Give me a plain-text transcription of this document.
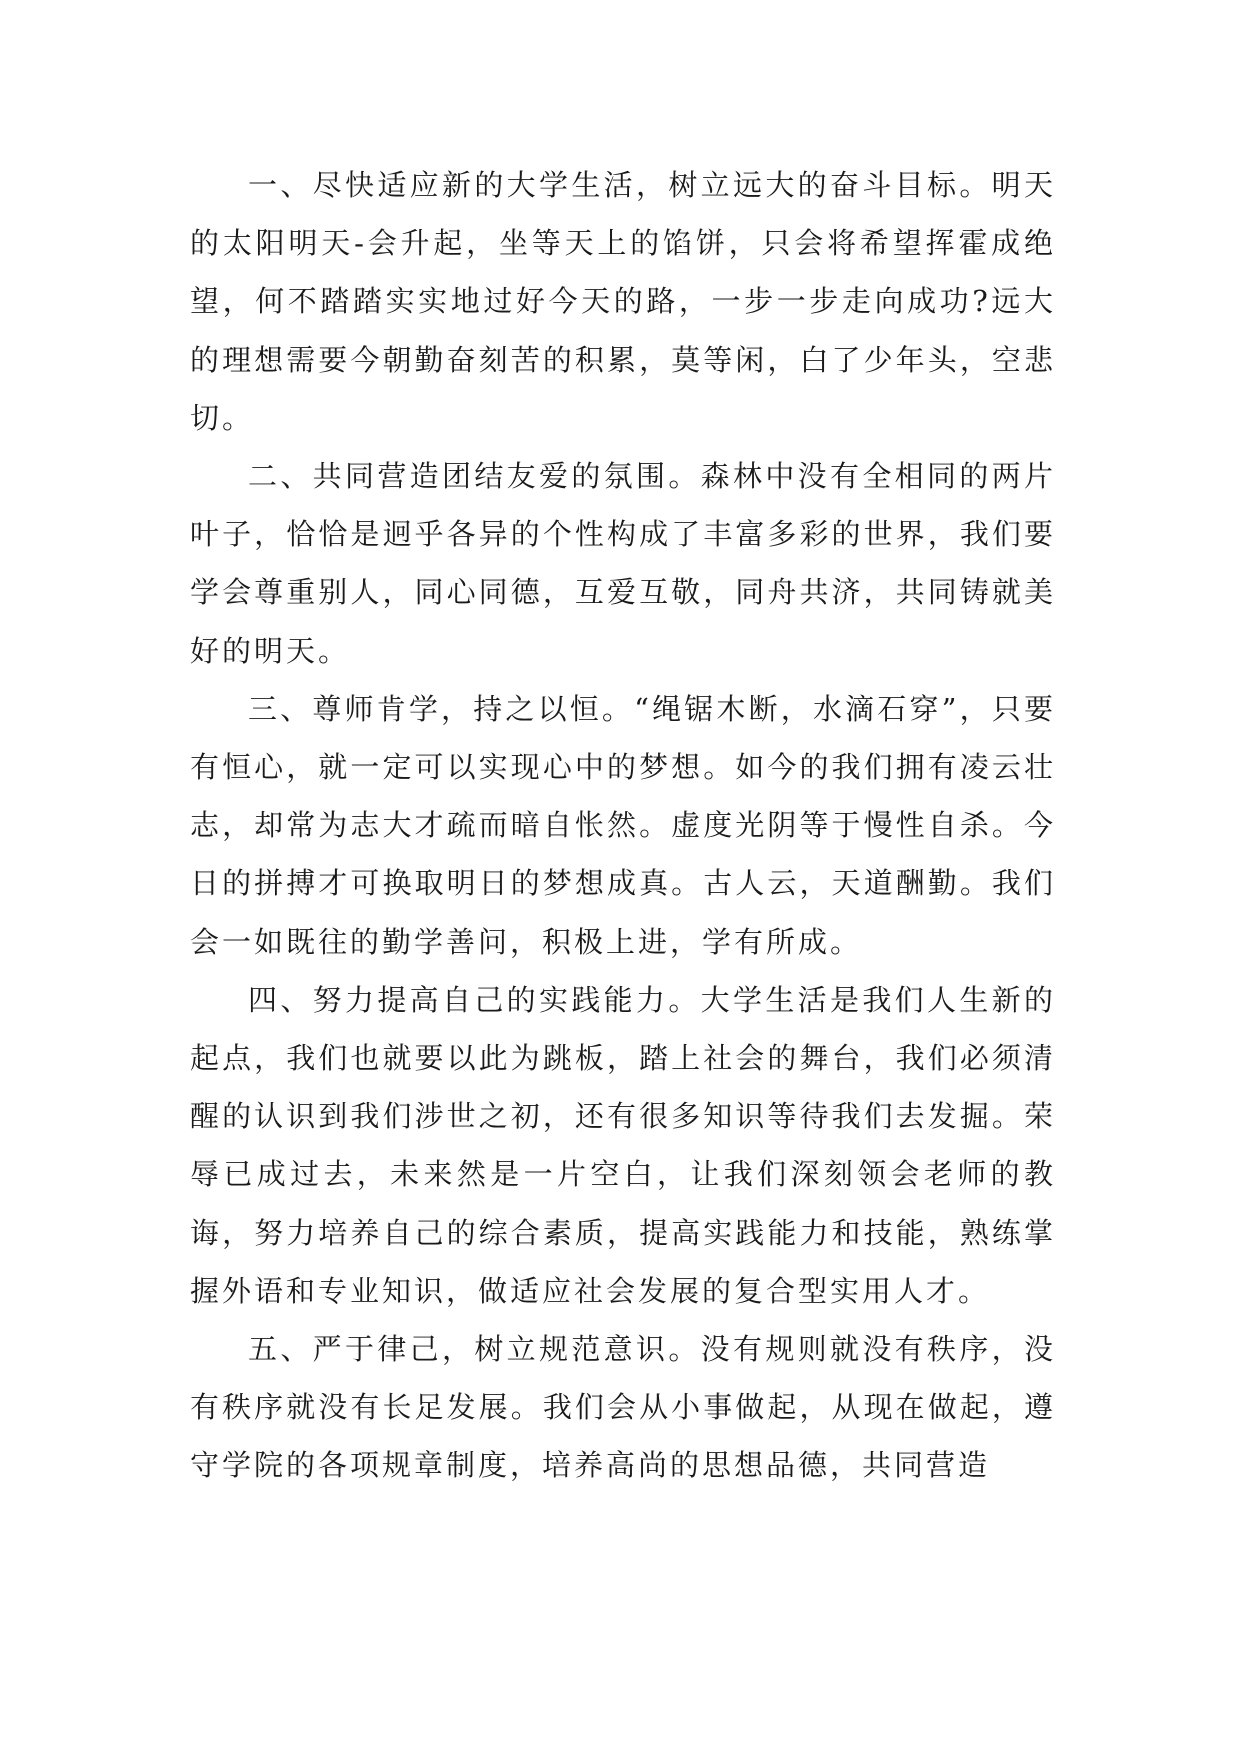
一、尽快适应新的大学生活，树立远大的奋斗目标。明天的太阳明天-会升起，坐等天上的馅饼，只会将希望挥霍成绝望，何不踏踏实实地过好今天的路，一步一步走向成功?远大的理想需要今朝勤奋刻苦的积累，莫等闲，白了少年头，空悲切。

二、共同营造团结友爱的氛围。森林中没有全相同的两片叶子，恰恰是迥乎各异的个性构成了丰富多彩的世界，我们要学会尊重别人，同心同德，互爱互敬，同舟共济，共同铸就美好的明天。

三、尊师肯学，持之以恒。“绳锯木断，水滴石穿”，只要有恒心，就一定可以实现心中的梦想。如今的我们拥有凌云壮志，却常为志大才疏而暗自怅然。虚度光阴等于慢性自杀。今日的拼搏才可换取明日的梦想成真。古人云，天道酬勤。我们会一如既往的勤学善问，积极上进，学有所成。

四、努力提高自己的实践能力。大学生活是我们人生新的起点，我们也就要以此为跳板，踏上社会的舞台，我们必须清醒的认识到我们涉世之初，还有很多知识等待我们去发掘。荣辱已成过去，未来然是一片空白，让我们深刻领会老师的教诲，努力培养自己的综合素质，提高实践能力和技能，熟练掌握外语和专业知识，做适应社会发展的复合型实用人才。

五、严于律己，树立规范意识。没有规则就没有秩序，没有秩序就没有长足发展。我们会从小事做起，从现在做起，遵守学院的各项规章制度，培养高尚的思想品德，共同营造
